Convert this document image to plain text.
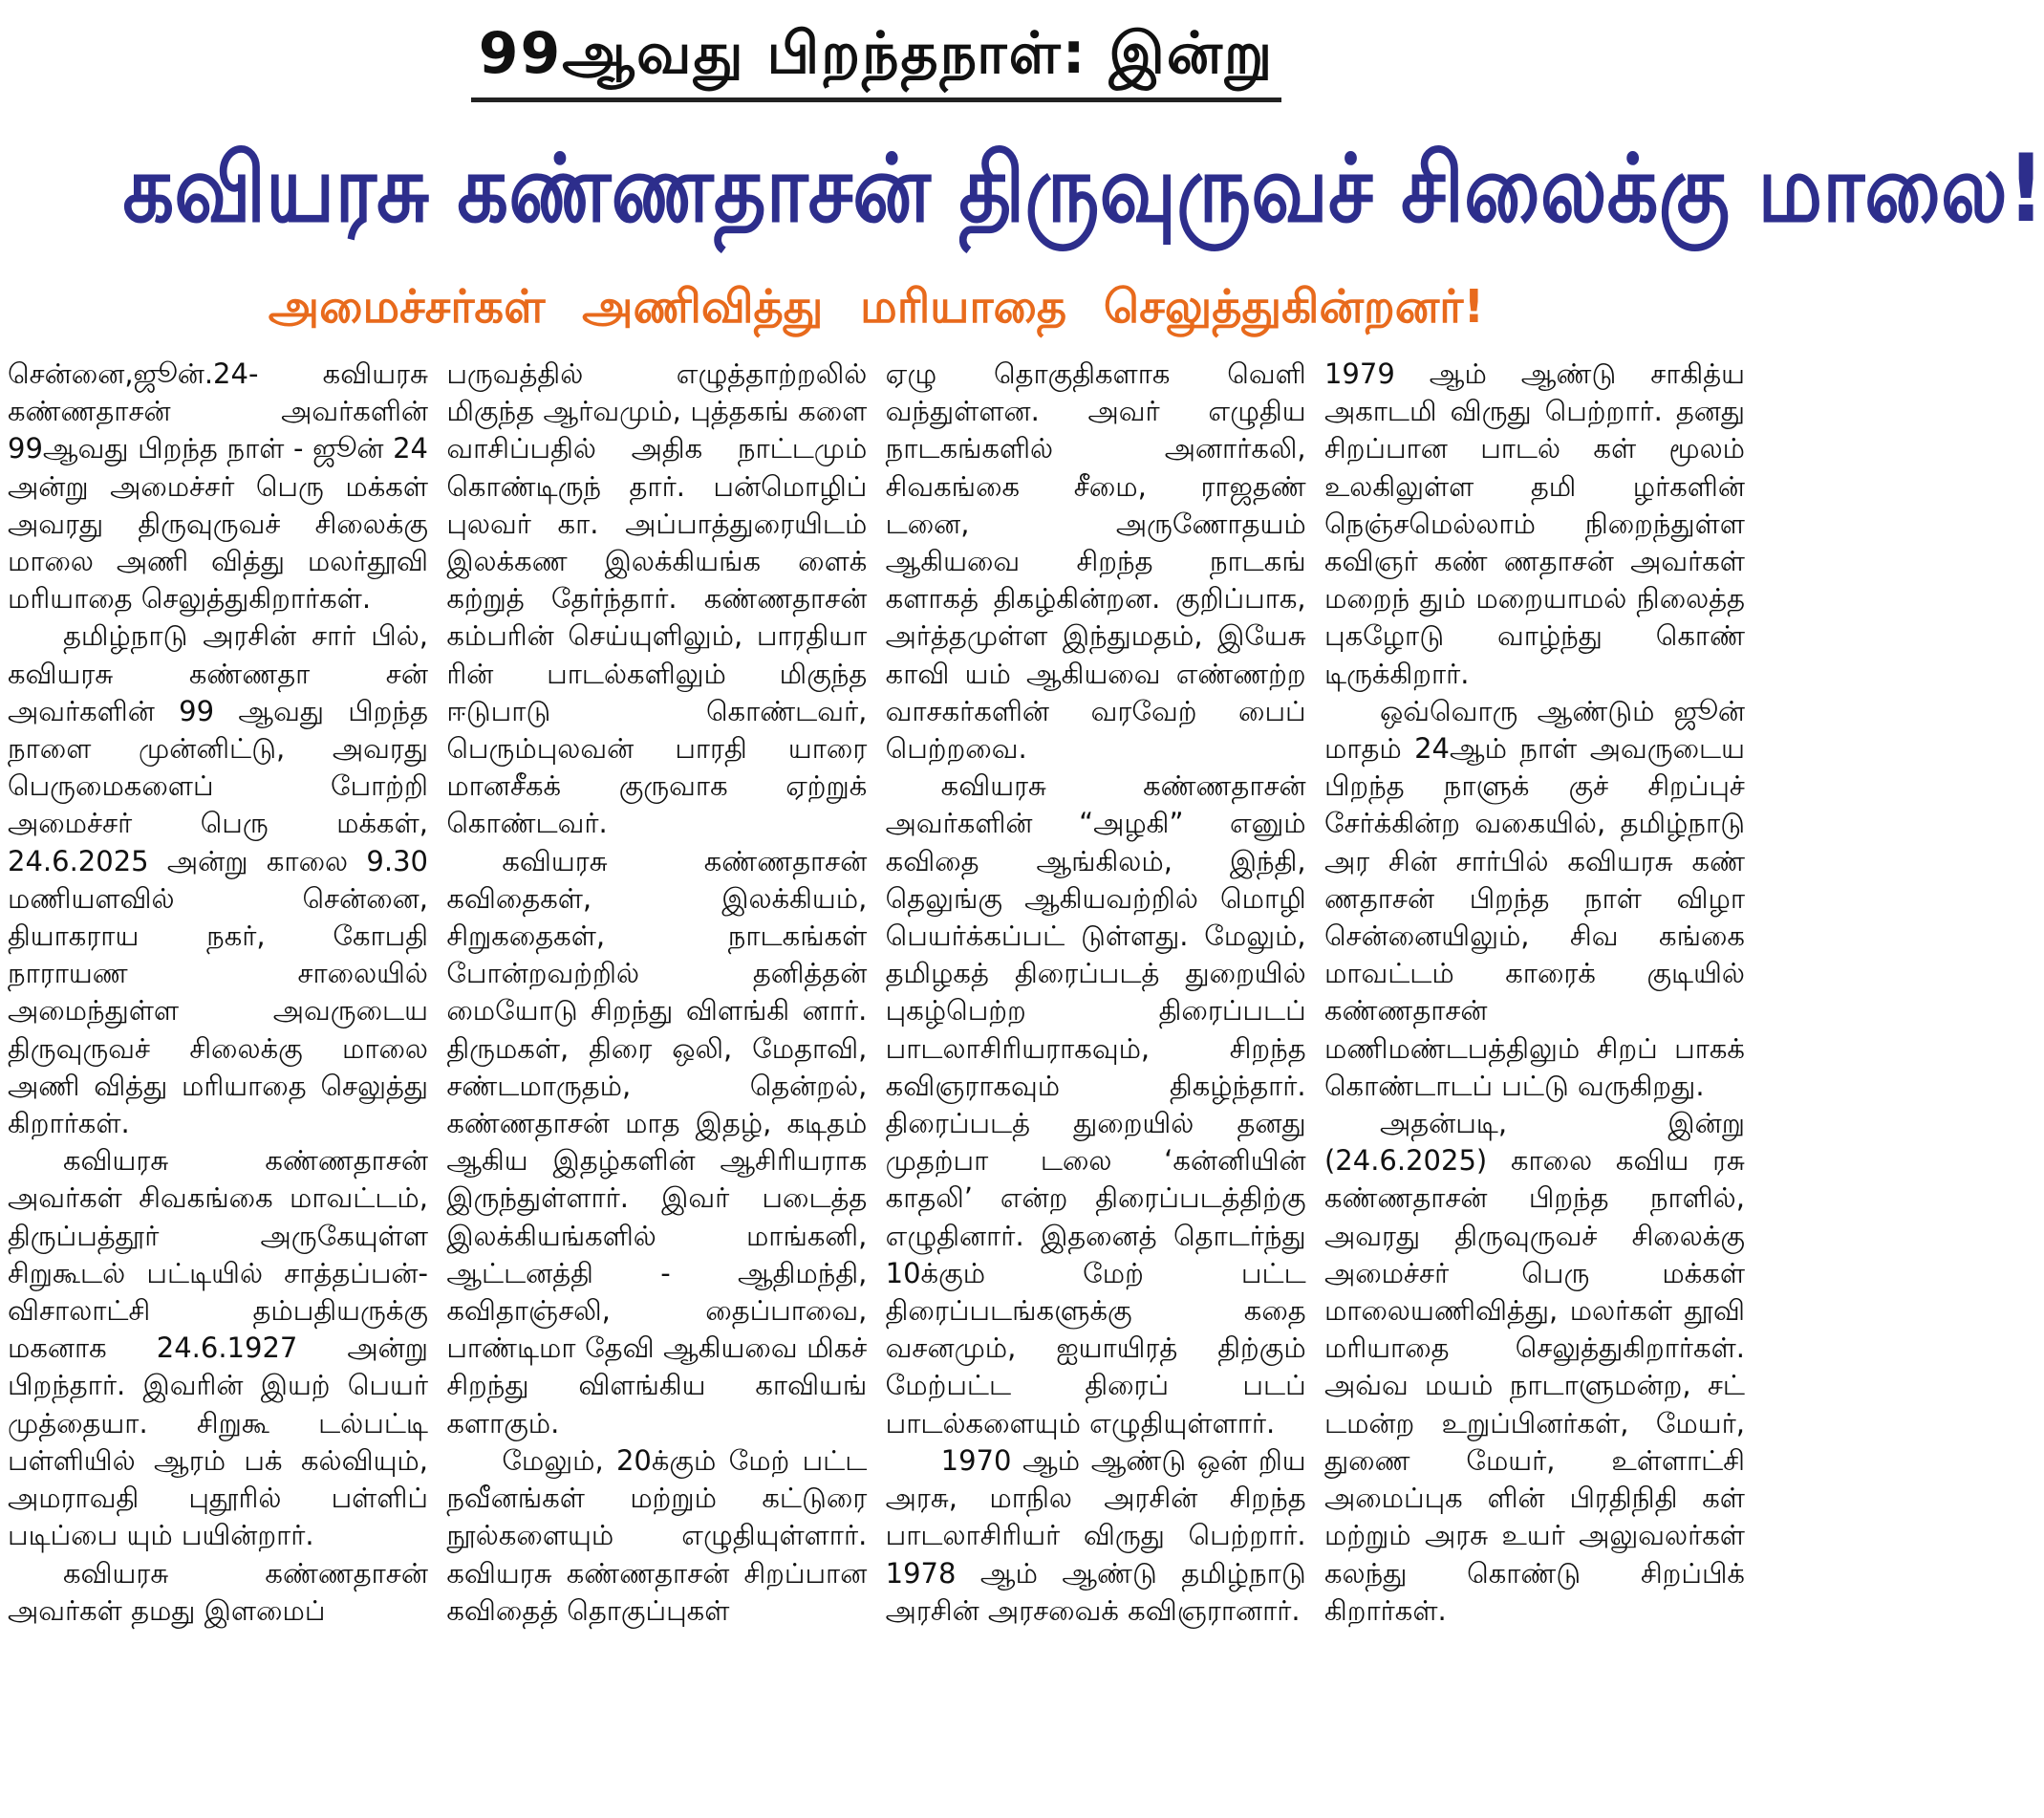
99ஆவது பிறந்தநாள்: இன்று
கவியரசு கண்ணதாசன் திருவுருவச் சிலைக்கு மாலை!
அமைச்சர்கள் அணிவித்து மரியாதை செலுத்துகின்றனர்!

சென்னை,ஜூன்.24- கவியரசு கண்ணதாசன் அவர்களின் 99ஆவது பிறந்த நாள் - ஜூன் 24 அன்று அமைச்சர் பெரு மக்கள் அவரது திருவுருவச் சிலைக்கு மாலை அணி வித்து மலர்தூவி மரியாதை செலுத்துகிறார்கள்.

தமிழ்நாடு அரசின் சார் பில், கவியரசு கண்ணதா சன் அவர்களின் 99 ஆவது பிறந்த நாளை முன்னிட்டு, அவரது பெருமைகளைப் போற்றி அமைச்சர் பெரு மக்கள், 24.6.2025 அன்று காலை 9.30 மணியளவில் சென்னை, தியாகராய நகர், கோபதி நாராயண சாலையில் அமைந்துள்ள அவருடைய திருவுருவச் சிலைக்கு மாலை அணி வித்து மரியாதை செலுத்து கிறார்கள்.

கவியரசு கண்ணதாசன் அவர்கள் சிவகங்கை மாவட்டம், திருப்பத்தூர் அருகேயுள்ள சிறுகூடல் பட்டியில் சாத்தப்பன்-விசாலாட்சி தம்பதியருக்கு மகனாக 24.6.1927 அன்று பிறந்தார். இவரின் இயற் பெயர் முத்தையா. சிறுகூ டல்பட்டி பள்ளியில் ஆரம் பக் கல்வியும், அமராவதி புதூரில் பள்ளிப் படிப்பை யும் பயின்றார்.

கவியரசு கண்ணதாசன் அவர்கள் தமது இளமைப்

பருவத்தில் எழுத்தாற்றலில் மிகுந்த ஆர்வமும், புத்தகங் களை வாசிப்பதில் அதிக நாட்டமும் கொண்டிருந் தார். பன்மொழிப் புலவர் கா. அப்பாத்துரையிடம் இலக்கண இலக்கியங்க ளைக் கற்றுத் தேர்ந்தார். கண்ணதாசன் கம்பரின் செய்யுளிலும், பாரதியா ரின் பாடல்களிலும் மிகுந்த ஈடுபாடு கொண்டவர், பெரும்புலவன் பாரதி யாரை மானசீகக் குருவாக ஏற்றுக் கொண்டவர்.

கவியரசு கண்ணதாசன் கவிதைகள், இலக்கியம், சிறுகதைகள், நாடகங்கள் போன்றவற்றில் தனித்தன் மையோடு சிறந்து விளங்கி னார். திருமகள், திரை ஒலி, மேதாவி, சண்டமாருதம், தென்றல், கண்ணதாசன் மாத இதழ், கடிதம் ஆகிய இதழ்களின் ஆசிரியராக இருந்துள்ளார். இவர் படைத்த இலக்கியங்களில் மாங்கனி, ஆட்டனத்தி - ஆதிமந்தி, கவிதாஞ்சலி, தைப்பாவை, பாண்டிமா தேவி ஆகியவை மிகச் சிறந்து விளங்கிய காவியங் களாகும்.

மேலும், 20க்கும் மேற் பட்ட நவீனங்கள் மற்றும் கட்டுரை நூல்களையும் எழுதியுள்ளார். கவியரசு கண்ணதாசன் சிறப்பான கவிதைத் தொகுப்புகள்

ஏழு தொகுதிகளாக வெளி வந்துள்ளன. அவர் எழுதிய நாடகங்களில் அனார்கலி, சிவகங்கை சீமை, ராஜதண் டனை, அருணோதயம் ஆகியவை சிறந்த நாடகங் களாகத் திகழ்கின்றன. குறிப்பாக, அர்த்தமுள்ள இந்துமதம், இயேசு காவி யம் ஆகியவை எண்ணற்ற வாசகர்களின் வரவேற் பைப் பெற்றவை.

கவியரசு கண்ணதாசன் அவர்களின் “அழகி” எனும் கவிதை ஆங்கிலம், இந்தி, தெலுங்கு ஆகியவற்றில் மொழி பெயர்க்கப்பட் டுள்ளது. மேலும், தமிழகத் திரைப்படத் துறையில் புகழ்பெற்ற திரைப்படப் பாடலாசிரியராகவும், சிறந்த கவிஞராகவும் திகழ்ந்தார். திரைப்படத் துறையில் தனது முதற்பா டலை ‘கன்னியின் காதலி’ என்ற திரைப்படத்திற்கு எழுதினார். இதனைத் தொடர்ந்து 10க்கும் மேற் பட்ட திரைப்படங்களுக்கு கதை வசனமும், ஐயாயிரத் திற்கும் மேற்பட்ட திரைப் படப் பாடல்களையும் எழுதியுள்ளார்.

1970 ஆம் ஆண்டு ஒன் றிய அரசு, மாநில அரசின் சிறந்த பாடலாசிரியர் விருது பெற்றார். 1978 ஆம் ஆண்டு தமிழ்நாடு அரசின் அரசவைக் கவிஞரானார்.

1979 ஆம் ஆண்டு சாகித்ய அகாடமி விருது பெற்றார். தனது சிறப்பான பாடல் கள் மூலம் உலகிலுள்ள தமி ழர்களின் நெஞ்சமெல்லாம் நிறைந்துள்ள கவிஞர் கண் ணதாசன் அவர்கள் மறைந் தும் மறையாமல் நிலைத்த புகழோடு வாழ்ந்து கொண் டிருக்கிறார்.

ஒவ்வொரு ஆண்டும் ஜூன் மாதம் 24ஆம் நாள் அவருடைய பிறந்த நாளுக் குச் சிறப்புச் சேர்க்கின்ற வகையில், தமிழ்நாடு அர சின் சார்பில் கவியரசு கண் ணதாசன் பிறந்த நாள் விழா சென்னையிலும், சிவ கங்கை மாவட்டம் காரைக் குடியில் கண்ணதாசன் மணிமண்டபத்திலும் சிறப் பாகக் கொண்டாடப் பட்டு வருகிறது.

அதன்படி, இன்று (24.6.2025) காலை கவிய ரசு கண்ணதாசன் பிறந்த நாளில், அவரது திருவுருவச் சிலைக்கு அமைச்சர் பெரு மக்கள் மாலையணிவித்து, மலர்கள் தூவி மரியாதை செலுத்துகிறார்கள். அவ்வ மயம் நாடாளுமன்ற, சட் டமன்ற உறுப்பினர்கள், மேயர், துணை மேயர், உள்ளாட்சி அமைப்புக ளின் பிரதிநிதி கள் மற்றும் அரசு உயர் அலுவலர்கள் கலந்து கொண்டு சிறப்பிக் கிறார்கள்.
